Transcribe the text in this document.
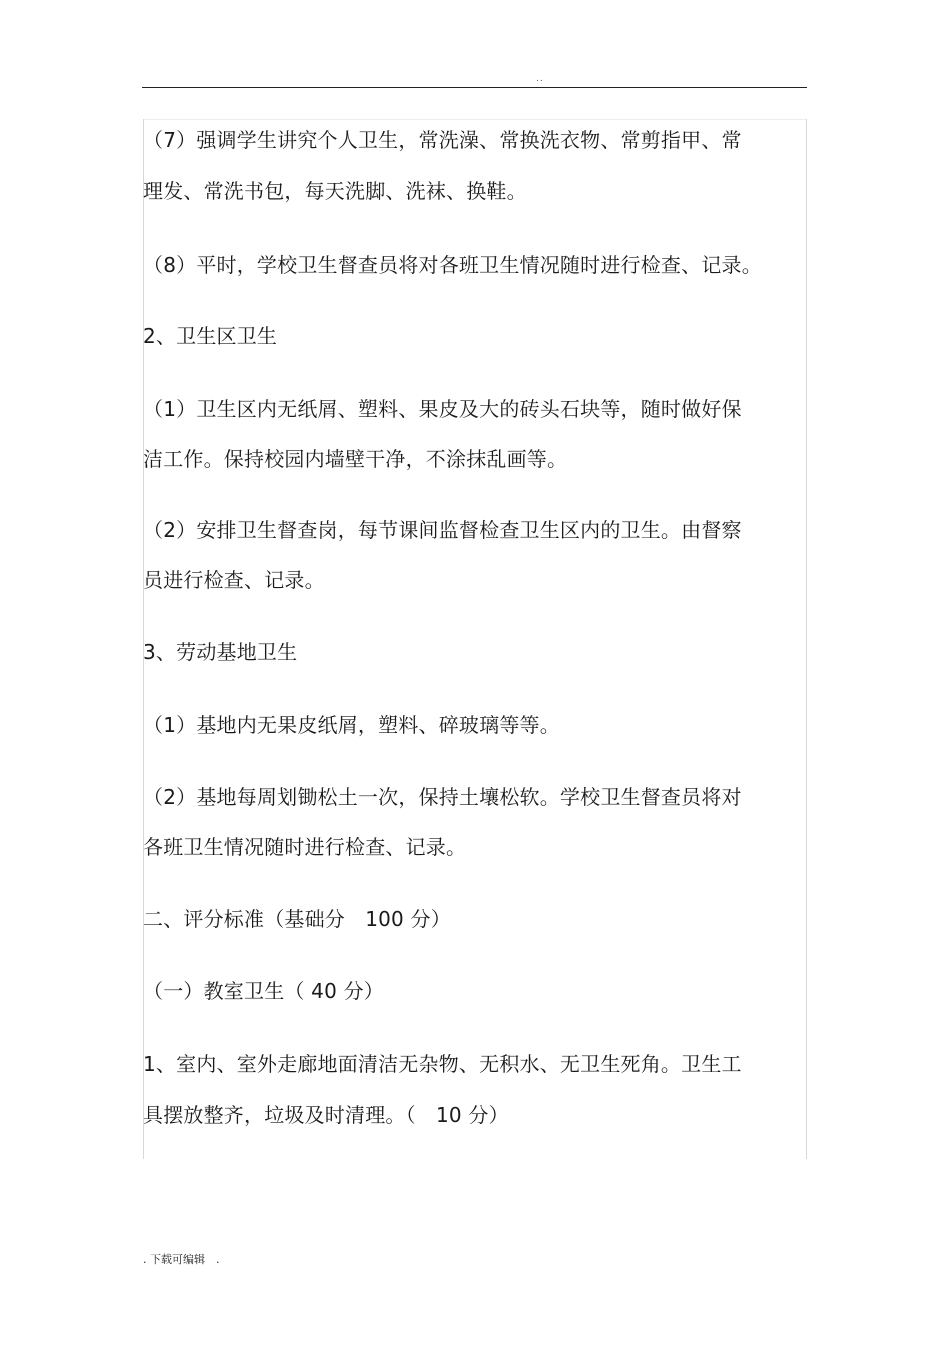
..
（7）强调学生讲究个人卫生，常洗澡、常换洗衣物、常剪指甲、常
理发、常洗书包，每天洗脚、洗袜、换鞋。
（8）平时，学校卫生督查员将对各班卫生情况随时进行检查、记录。
2、卫生区卫生
（1）卫生区内无纸屑、塑料、果皮及大的砖头石块等，随时做好保
洁工作。保持校园内墙壁干净，不涂抹乱画等。
（2）安排卫生督查岗，每节课间监督检查卫生区内的卫生。由督察
员进行检查、记录。
3、劳动基地卫生
（1）基地内无果皮纸屑，塑料、碎玻璃等等。
（2）基地每周划锄松土一次，保持土壤松软。学校卫生督查员将对
各班卫生情况随时进行检查、记录。
二、评分标准（基础分　100 分）
（一）教室卫生（ 40 分）
1、室内、室外走廊地面清洁无杂物、无积水、无卫生死角。卫生工
具摆放整齐，垃圾及时清理。（　10 分）
. 下载可编辑　.
